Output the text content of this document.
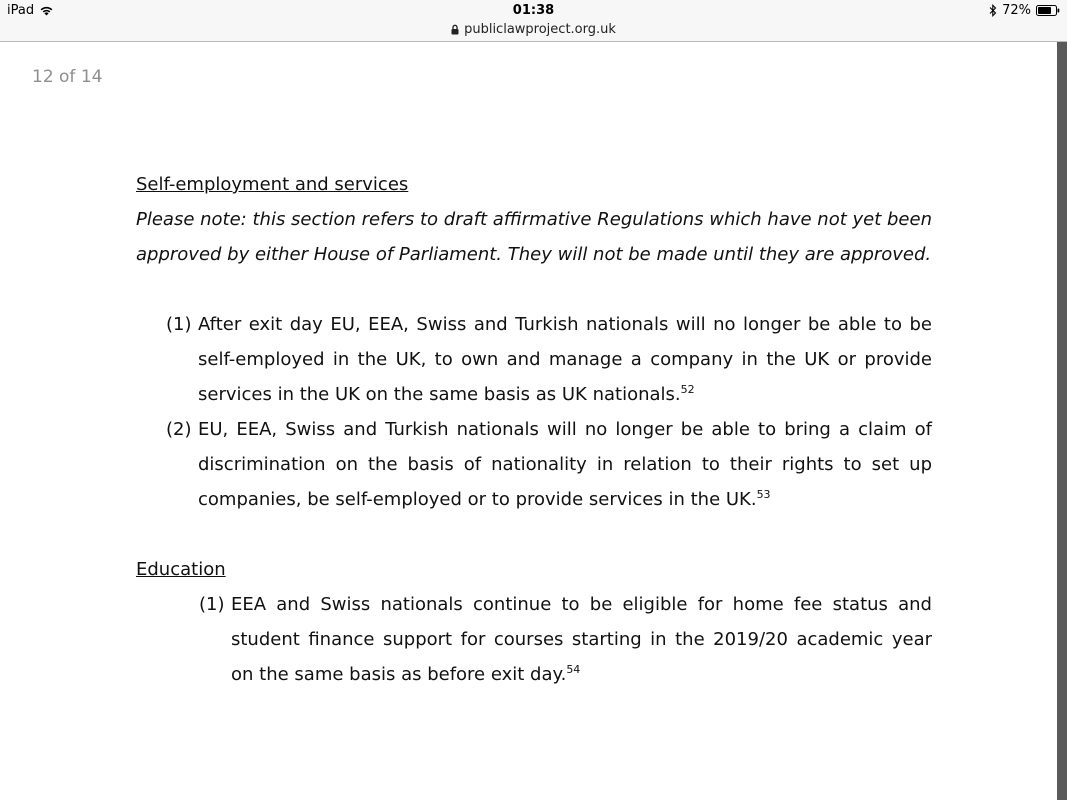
iPad	01:38
publiclawproject.org.uk
72%
12 of 14

Self-employment and services

Please note: this section refers to draft affirmative Regulations which have not yet been approved by either House of Parliament. They will not be made until they are approved.

(1) After exit day EU, EEA, Swiss and Turkish nationals will no longer be able to be self-employed in the UK, to own and manage a company in the UK or provide services in the UK on the same basis as UK nationals.$^{52}$
(2) EU, EEA, Swiss and Turkish nationals will no longer be able to bring a claim of discrimination on the basis of nationality in relation to their rights to set up companies, be self-employed or to provide services in the UK.$^{53}$

Education

(1) EEA and Swiss nationals continue to be eligible for home fee status and student finance support for courses starting in the 2019/20 academic year on the same basis as before exit day.$^{54}$
